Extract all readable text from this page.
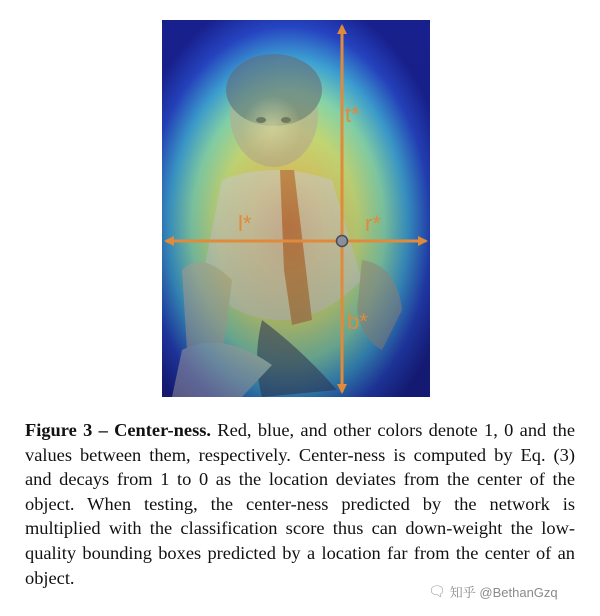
t*
l*	r*
b*

Figure 3 – Center-ness. Red, blue, and other colors denote 1, 0 and the values between them, respectively. Center-ness is computed by Eq. (3) and decays from 1 to 0 as the location deviates from the center of the object. When testing, the center-ness predicted by the network is multiplied with the classification score thus can down-weight the low-quality bounding boxes predicted by a location far from the center of an object.

🗨 知乎 @BethanGzq
